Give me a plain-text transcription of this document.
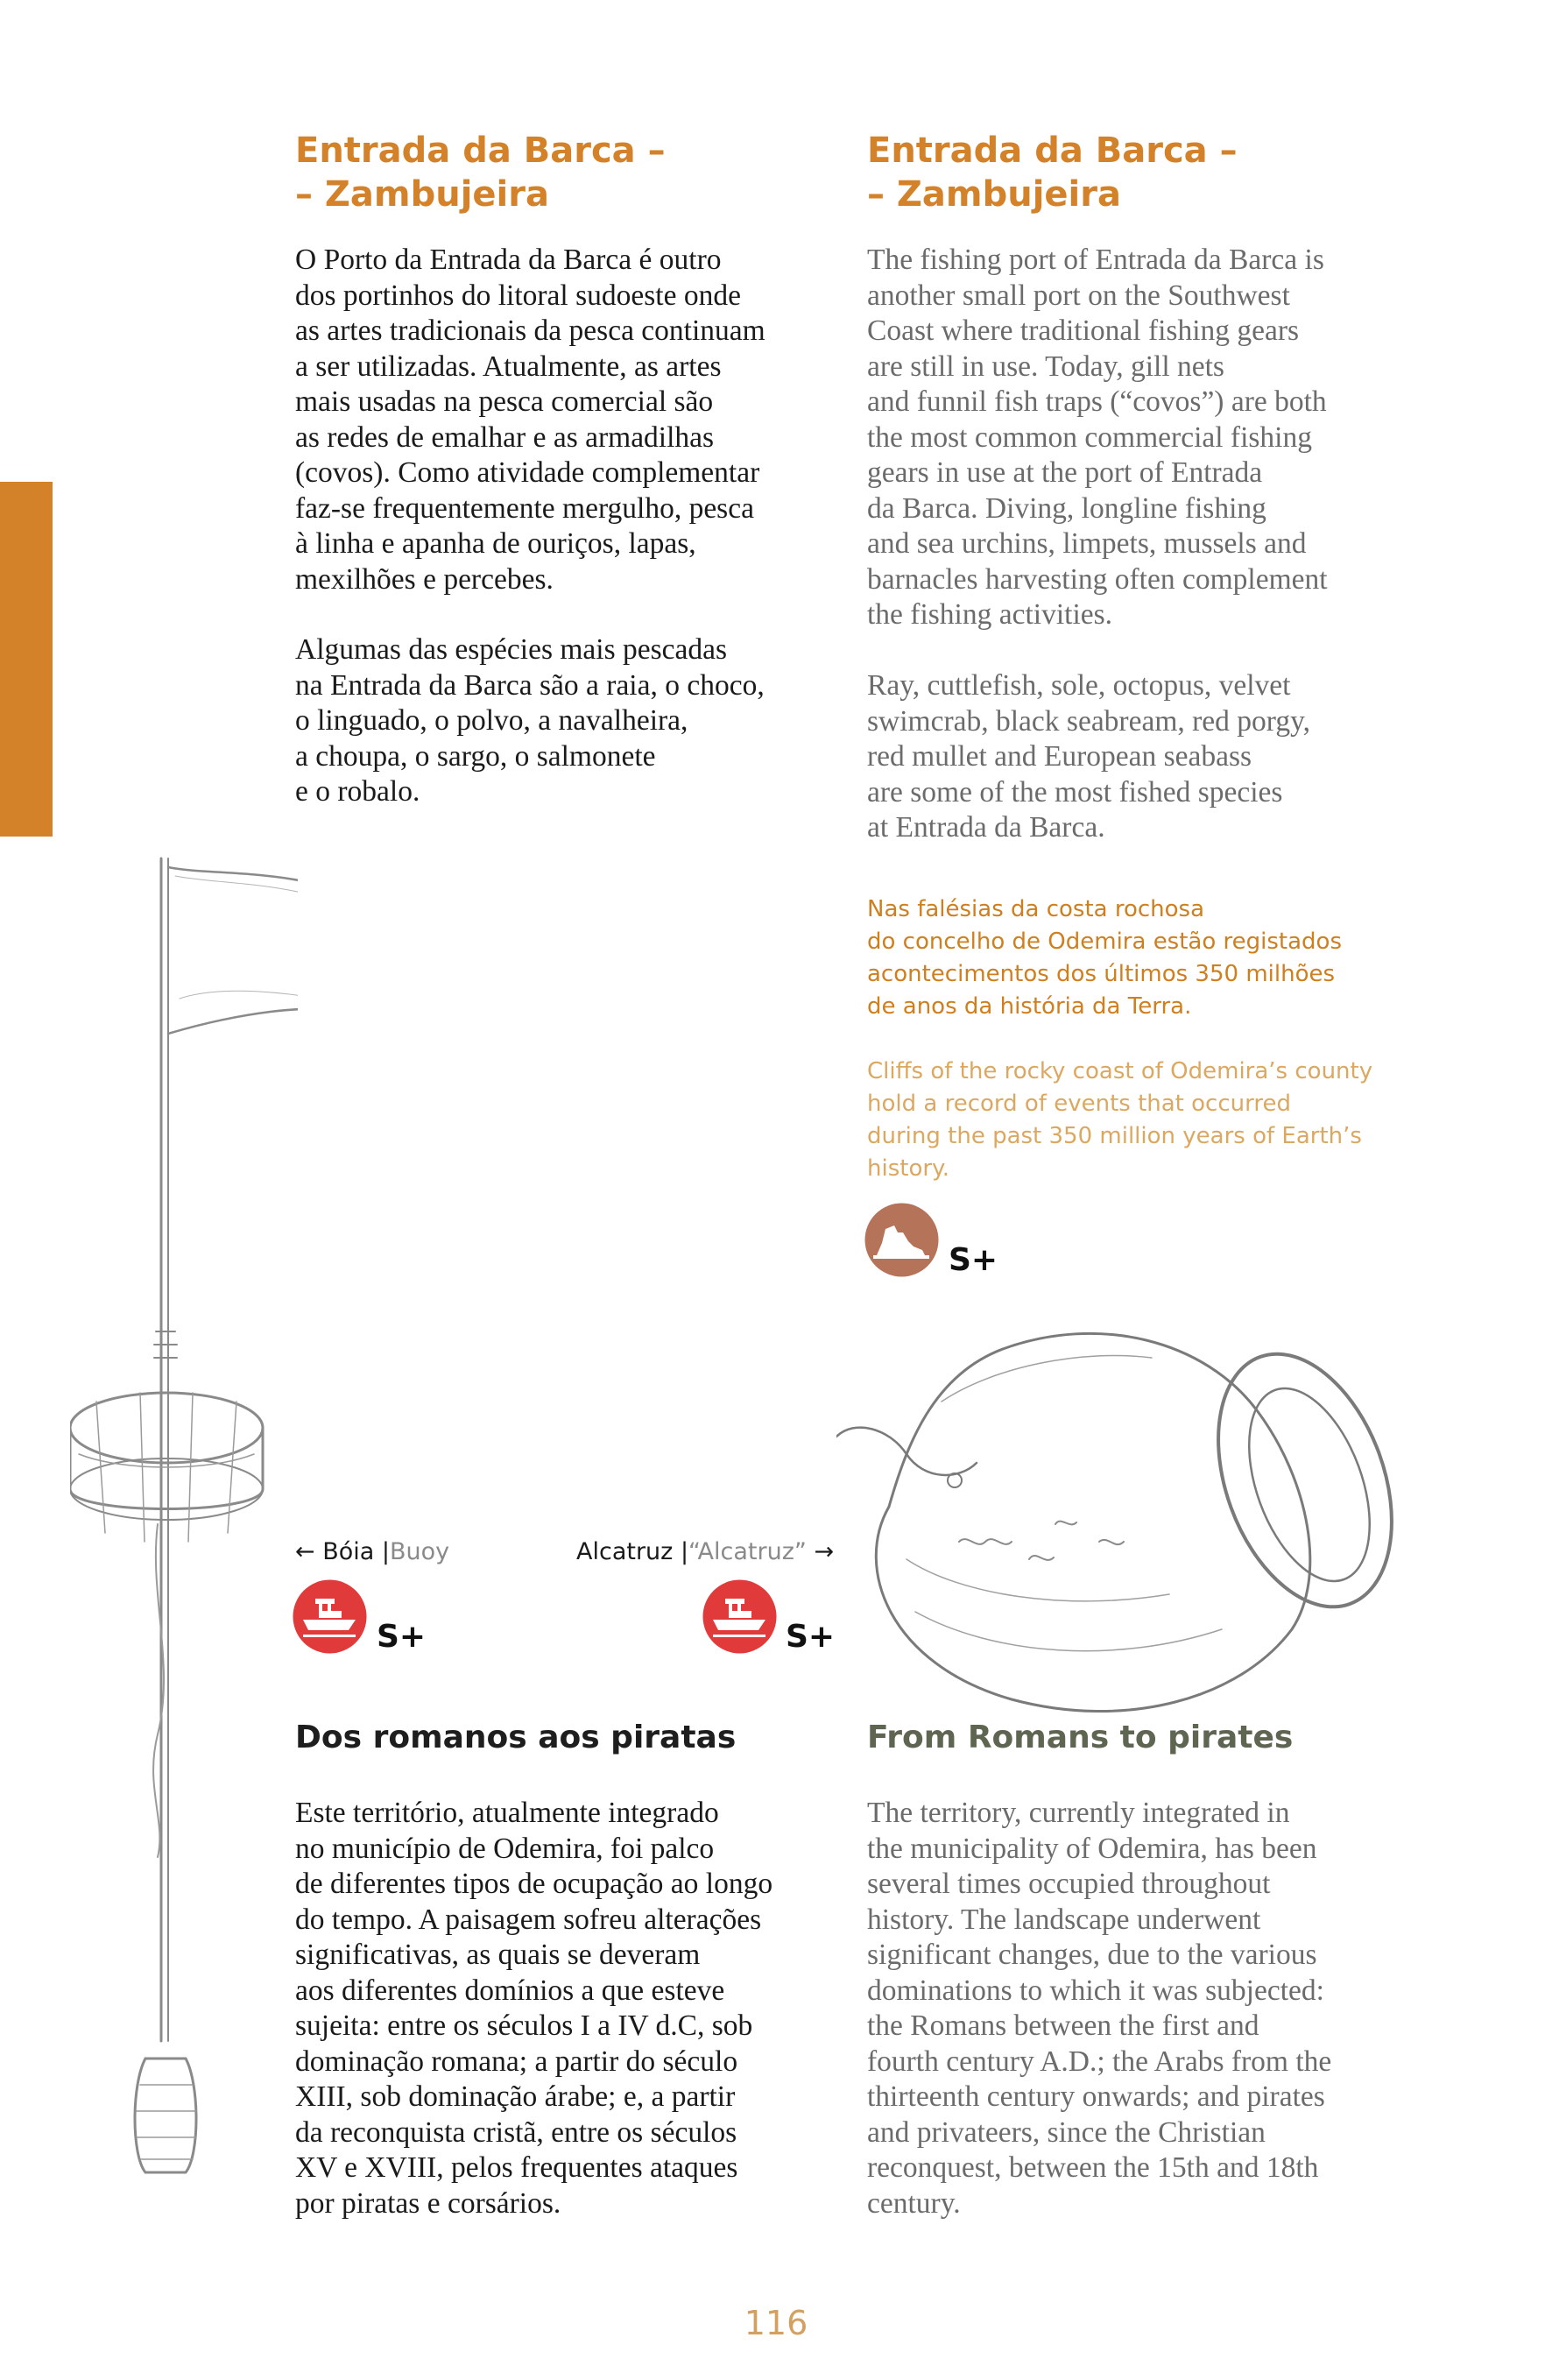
Entrada da Barca –
– Zambujeira
Entrada da Barca –
– Zambujeira

O Porto da Entrada da Barca é outro
dos portinhos do litoral sudoeste onde
as artes tradicionais da pesca continuam
a ser utilizadas. Atualmente, as artes
mais usadas na pesca comercial são
as redes de emalhar e as armadilhas
(covos). Como atividade complementar
faz-se frequentemente mergulho, pesca
à linha e apanha de ouriços, lapas,
mexilhões e percebes.

Algumas das espécies mais pescadas
na Entrada da Barca são a raia, o choco,
o linguado, o polvo, a navalheira,
a choupa, o sargo, o salmonete
e o robalo.

The fishing port of Entrada da Barca is
another small port on the Southwest
Coast where traditional fishing gears
are still in use. Today, gill nets
and funnil fish traps (“covos”) are both
the most common commercial fishing
gears in use at the port of Entrada
da Barca. Diving, longline fishing
and sea urchins, limpets, mussels and
barnacles harvesting often complement
the fishing activities.

Ray, cuttlefish, sole, octopus, velvet
swimcrab, black seabream, red porgy,
red mullet and European seabass
are some of the most fished species
at Entrada da Barca.

Nas falésias da costa rochosa
do concelho de Odemira estão registados
acontecimentos dos últimos 350 milhões
de anos da história da Terra.

Cliffs of the rocky coast of Odemira’s county
hold a record of events that occurred
during the past 350 million years of Earth’s
history.

S+
← Bóia |Buoy	Alcatruz |“Alcatruz” →
S+	S+
Dos romanos aos piratas	From Romans to pirates

Este território, atualmente integrado
no município de Odemira, foi palco
de diferentes tipos de ocupação ao longo
do tempo. A paisagem sofreu alterações
significativas, as quais se deveram
aos diferentes domínios a que esteve
sujeita: entre os séculos I a IV d.C, sob
dominação romana; a partir do século
XIII, sob dominação árabe; e, a partir
da reconquista cristã, entre os séculos
XV e XVIII, pelos frequentes ataques
por piratas e corsários.

The territory, currently integrated in
the municipality of Odemira, has been
several times occupied throughout
history. The landscape underwent
significant changes, due to the various
dominations to which it was subjected:
the Romans between the first and
fourth century A.D.; the Arabs from the
thirteenth century onwards; and pirates
and privateers, since the Christian
reconquest, between the 15th and 18th
century.

116
